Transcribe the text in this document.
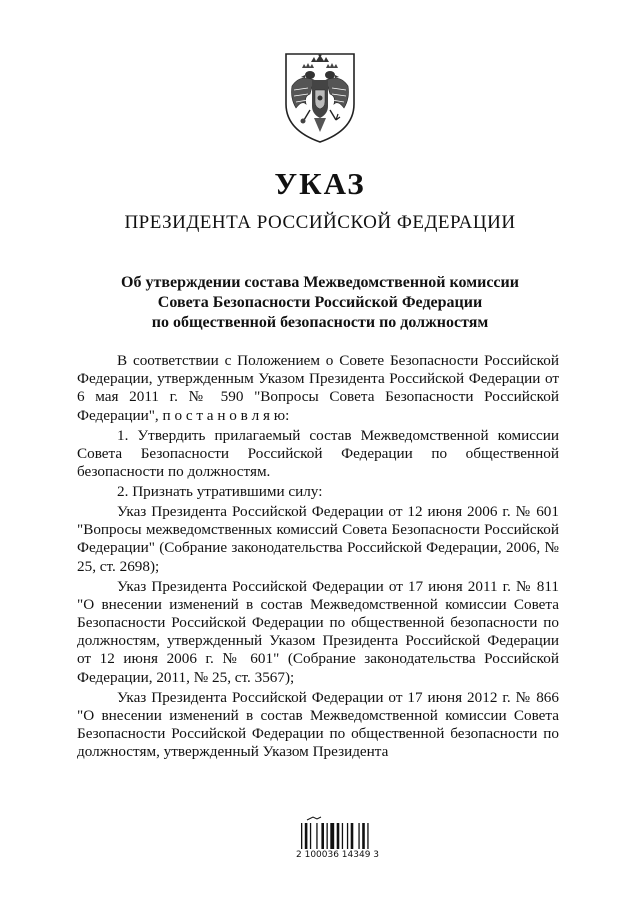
УКАЗ
ПРЕЗИДЕНТА РОССИЙСКОЙ ФЕДЕРАЦИИ
Об утверждении состава Межведомственной комиссии
Совета Безопасности Российской Федерации
по общественной безопасности по должностям

В соответствии с Положением о Совете Безопасности Российской Федерации, утвержденным Указом Президента Российской Федерации от 6 мая 2011 г. № 590 "Вопросы Совета Безопасности Российской Федерации", п о с т а н о в л я ю:

1. Утвердить прилагаемый состав Межведомственной комиссии Совета Безопасности Российской Федерации по общественной безопасности по должностям.

2. Признать утратившими силу:

Указ Президента Российской Федерации от 12 июня 2006 г. № 601 "Вопросы межведомственных комиссий Совета Безопасности Российской Федерации" (Собрание законодательства Российской Федерации, 2006, № 25, ст. 2698);

Указ Президента Российской Федерации от 17 июня 2011 г. № 811 "О внесении изменений в состав Межведомственной комиссии Совета Безопасности Российской Федерации по общественной безопасности по должностям, утвержденный Указом Президента Российской Федерации от 12 июня 2006 г. № 601" (Собрание законодательства Российской Федерации, 2011, № 25, ст. 3567);

Указ Президента Российской Федерации от 17 июня 2012 г. № 866 "О внесении изменений в состав Межведомственной комиссии Совета Безопасности Российской Федерации по общественной безопасности по должностям, утвержденный Указом Президента

2 100036 14349 3
